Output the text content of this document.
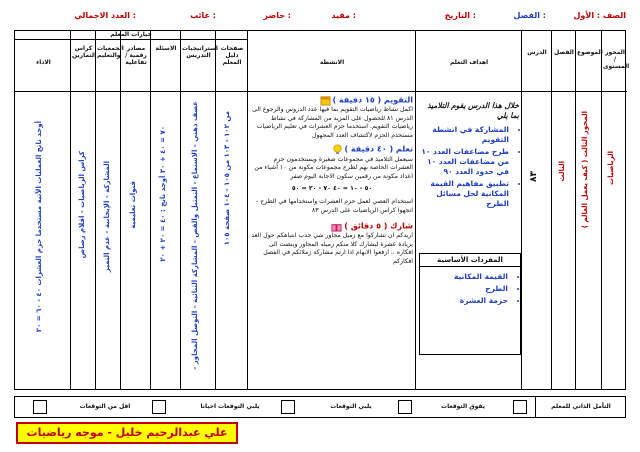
الصف : الأول
الفصل :
التاريخ :
مفيد :
حاضر :
غائب :
العدد الاجمالي :
خيارات المعلم
المحور / المستوى
الموضوع
الفصل
الدرس
اهداف التعلم
الانشطة
صفحات دليل المعلم
استراتيجيات التدريس
الاسئلة
مصادر رقمية / تفاعلية
الجمعيات والتعليم
كراس التمارين
الاداء
الرياضيات
المحور الثالث ( كيف يعمل العالم )
الثالث
٨٣
من ١٠٢ - ١٠٣ من ١٠٥ - ١٠٤ صفحة ١٠٥
- عصف ذهني - الاستماع - التمثيل والقص - المشاركة الثنائية - التوصل المجاور
٧٠ = ٤٠ + ٣٠ أوجد ناتج : ٤٠ = ٢٠ + ٢٠
قنوات تعليمية
المشاركة - الإيجابية - عدم التميز
كراس الرياضيات - اقلام رصاص
أوجد ناتج العمليات الآتية مستخدما حزم العشرات ٤٠ - ٦٠ = ٢٠
خلال هذا الدرس يقوم التلاميذ بما يلي
• المشاركة في انشطة التقويم
• طرح مضاعفات العدد ١٠ من مضاعفات العدد ١٠ في حدود العدد ٩٠
• تطبيق مفاهيم القيمة المكانية لحل مسائل الطرح
المفردات الأساسية
• القيمة المكانية
• الطرح
• حزمة العشرة
التقويم ( ١٥ دقيقة )
اكمل نشاط رياضيات التقويم بما فيها عدد الدروس والرجوع الى الدرس ٨١ للحصول على المزيد من المشاركة في نشاط رياضيات التقويم. استخدما حزم العشرات في تعليم الرياضيات مستخدم الحزم لاكتشاف العدد المجهول
تعلم ( ٤٠ دقيقة )
سيعمل التلاميذ في مجموعات صغيرة ويستخدمون حزم العشرات الخاصة بهم لطرح مجموعات مكونة من ١٠ أشياء من اعداد مكونة من رقمين سكون الاجابة اليوم صفر
٥٠ - ١٠ = ٤٠ ٧٠ - ٢٠ = ٥٠
استخدام العصي لعمل حزم العشرات واستخدامها في الطرح - اتجهوا كراس الرياضيات على الدرس ٨٣
شارك ( ٥ دقائق )
اريدكم ان تشاركوا مع زميل مجاور شي جذب انتباهكم حول العد بزيادة عشرة ليشارك كلا منكم زميله المجاور وينصت الى افكاره .. ارفعوا الابهام اذا ارتم مشاركة زملائكم في الفصل افكاركم
التأمل الذاتي للمعلم
يفوق التوقعات
يلبي التوقعات
يلبي التوقعات احيانا
اقل من التوقعات
علي عبدالرحيم خليل - موجه رياضيات
